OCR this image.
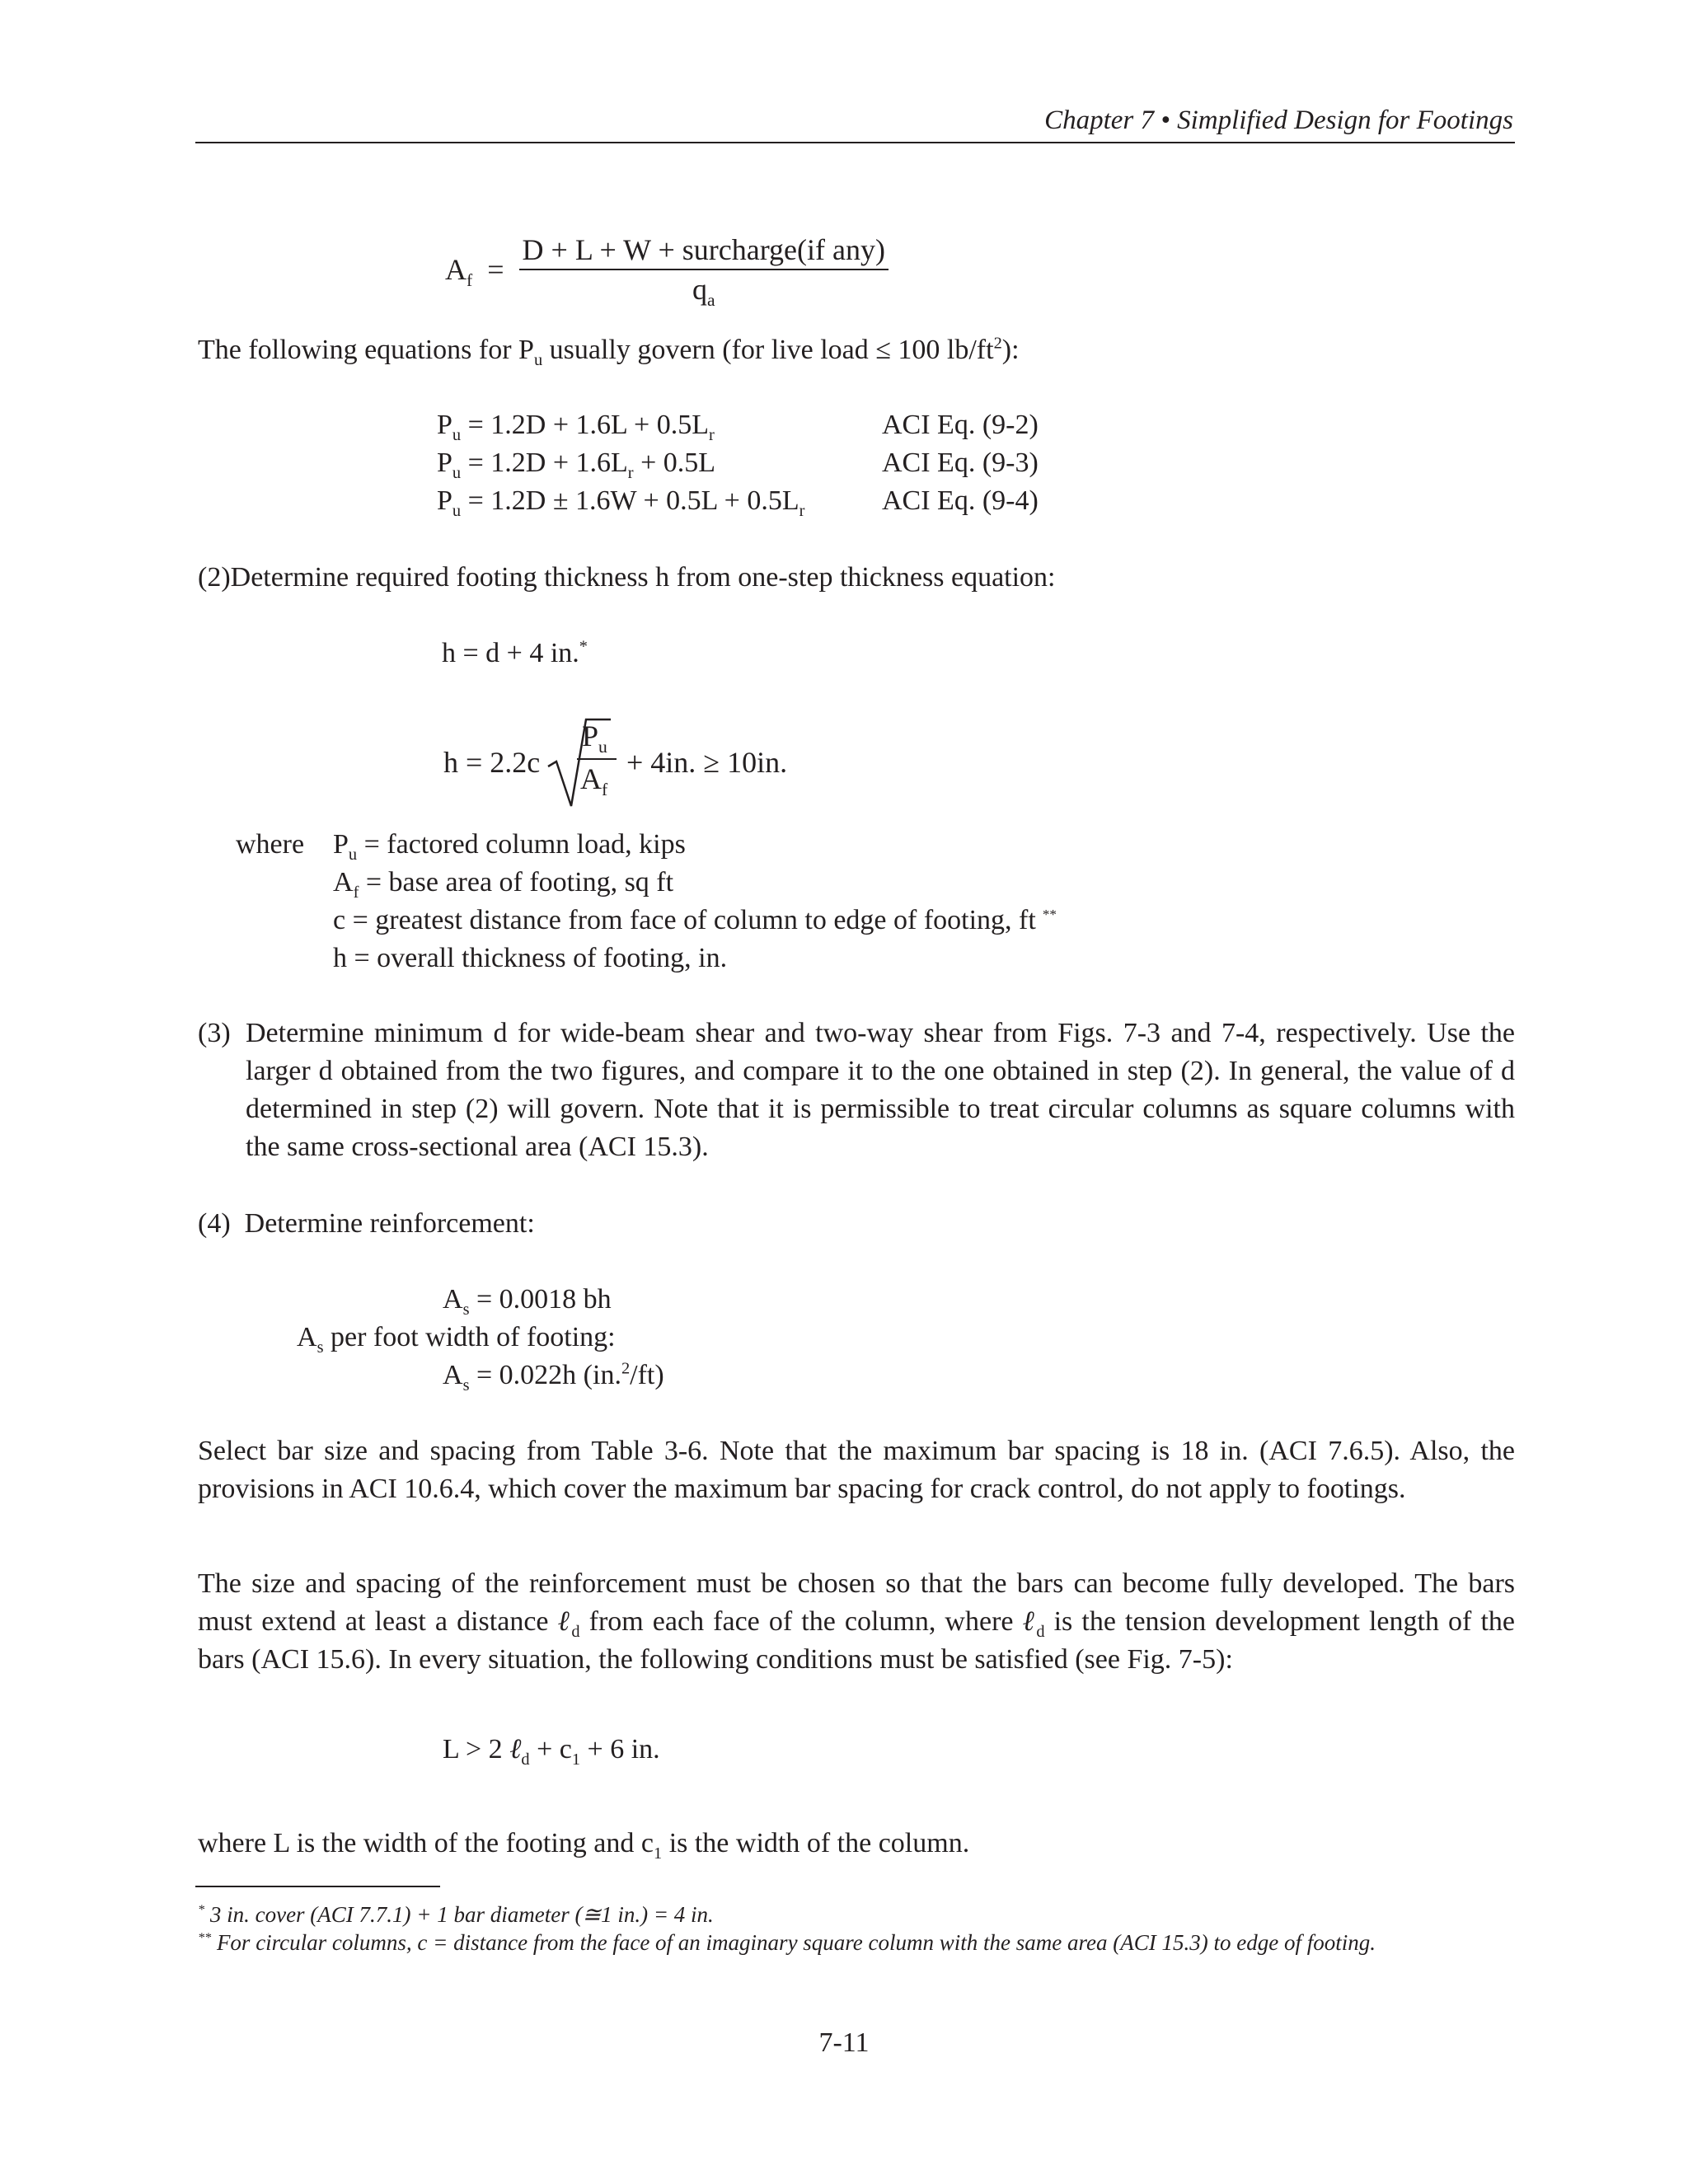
Chapter 7 • Simplified Design for Footings
$A_f = \frac{\text{D + L + W + surcharge(if any)}}{q_a}$
The following equations for $P_u$ usually govern (for live load ≤ 100 $lb/ft^2$):
$P_u = 1.2D + 1.6L + 0.5L_r$	ACI Eq. (9-2)
$P_u = 1.2D + 1.6L_r + 0.5L$	ACI Eq. (9-3)
$P_u = 1.2D \pm 1.6W + 0.5L + 0.5L_r$	ACI Eq. (9-4)
(2)Determine required footing thickness h from one-step thickness equation:
h = d + 4 in.*
h = 2.2c
$P_u$
$A_f$
+ 4in. ≥ 10in.
where $P_u$ = factored column load, kips
$A_f$ = base area of footing, sq ft
c = greatest distance from face of column to edge of footing, ft **
h = overall thickness of footing, in.
(3) Determine minimum d for wide-beam shear and two-way shear from Figs. 7-3 and 7-4, respectively. Use the larger d obtained from the two figures, and compare it to the one obtained in step (2). In general, the value of d determined in step (2) will govern. Note that it is permissible to treat circular columns as square columns with the same cross-sectional area (ACI 15.3).
(4) Determine reinforcement:
$A_s = 0.0018$ bh
$A_s$ per foot width of footing:
$A_s = 0.022h$ (in.$^2$/ft)
Select bar size and spacing from Table 3-6. Note that the maximum bar spacing is 18 in. (ACI 7.6.5). Also, the provisions in ACI 10.6.4, which cover the maximum bar spacing for crack control, do not apply to footings.
The size and spacing of the reinforcement must be chosen so that the bars can become fully developed. The bars must extend at least a distance ℓ$_d$ from each face of the column, where ℓ$_d$ is the tension development length of the bars (ACI 15.6). In every situation, the following conditions must be satisfied (see Fig. 7-5):
L > 2 ℓ$_d$ + $c_1 + 6$ in.
where L is the width of the footing and $c_1$ is the width of the column.
* 3 in. cover (ACI 7.7.1) + 1 bar diameter (≅1 in.) = 4 in.
** For circular columns, c = distance from the face of an imaginary square column with the same area (ACI 15.3) to edge of footing.
7-11
